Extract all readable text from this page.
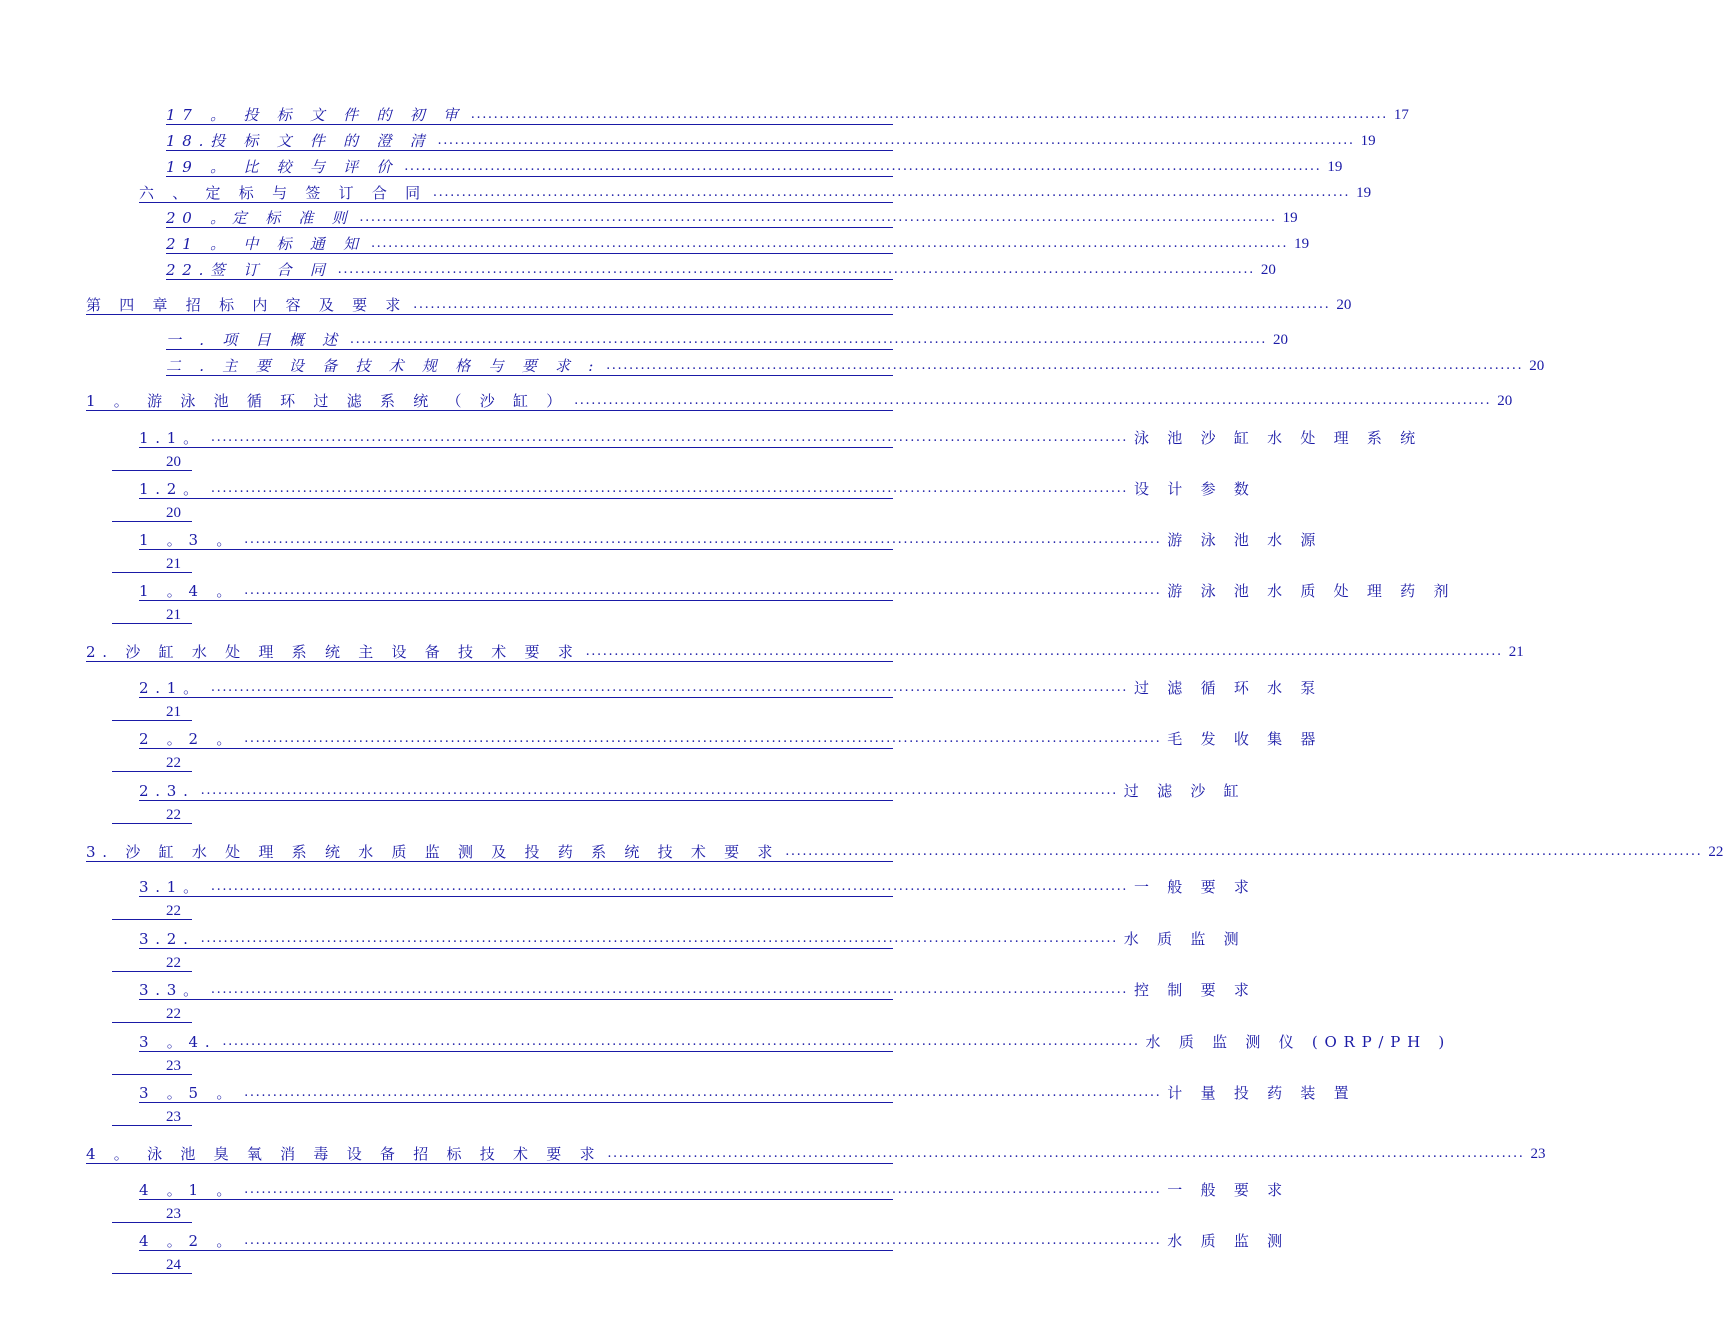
17 。 投 标 文 件 的 初 审 ................................................................................................................................................................ 17
18.投 标 文 件 的 澄 清 ................................................................................................................................................................ 19
19 。 比 较 与 评 价 ................................................................................................................................................................ 19
六 、 定 标 与 签 订 合 同 ................................................................................................................................................................ 19
20 。定 标 准 则 ................................................................................................................................................................ 19
21 。 中 标 通 知 ................................................................................................................................................................ 19
22.签 订 合 同 ................................................................................................................................................................ 20
第 四 章 招 标 内 容 及 要 求 ................................................................................................................................................................ 20
一 . 项 目 概 述 ................................................................................................................................................................ 20
二 . 主 要 设 备 技 术 规 格 与 要 求 : ................................................................................................................................................................ 20
1 。 游 泳 池 循 环 过 滤 系 统 （ 沙 缸 ） ................................................................................................................................................................ 20
2. 沙 缸 水 处 理 系 统 主 设 备 技 术 要 求 ................................................................................................................................................................ 21
3. 沙 缸 水 处 理 系 统 水 质 监 测 及 投 药 系 统 技 术 要 求 ................................................................................................................................................................ 22
4 。 泳 池 臭 氧 消 毒 设 备 招 标 技 术 要 求 ................................................................................................................................................................ 23
1.1。 ................................................................................................................................................................ 泳 池 沙 缸 水 处 理 系 统
20
1.2。 ................................................................................................................................................................ 设 计 参 数
20
1 。3 。 ................................................................................................................................................................ 游 泳 池 水 源
21
1 。4 。 ................................................................................................................................................................ 游 泳 池 水 质 处 理 药 剂
21
2.1。 ................................................................................................................................................................ 过 滤 循 环 水 泵
21
2 。2 。 ................................................................................................................................................................ 毛 发 收 集 器
22
2.3. ................................................................................................................................................................ 过 滤 沙 缸
22
3.1。 ................................................................................................................................................................ 一 般 要 求
22
3.2. ................................................................................................................................................................ 水 质 监 测
22
3.3。 ................................................................................................................................................................ 控 制 要 求
22
3 。4. ................................................................................................................................................................ 水 质 监 测 仪 (ORP/PH )
23
3 。5 。 ................................................................................................................................................................ 计 量 投 药 装 置
23
4 。1 。 ................................................................................................................................................................ 一 般 要 求
23
4 。2 。 ................................................................................................................................................................ 水 质 监 测
24
